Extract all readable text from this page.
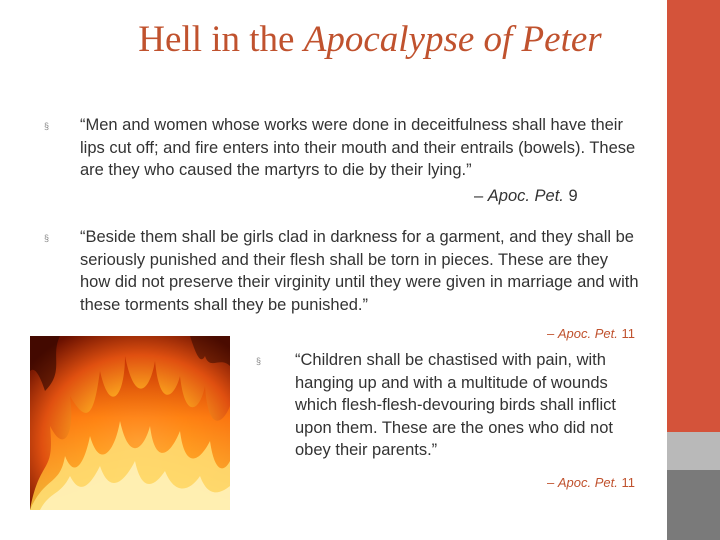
Hell in the Apocalypse of Peter
§ “Men and women whose works were done in deceitfulness shall have their lips cut off; and fire enters into their mouth and their entrails (bowels). These are they who caused the martyrs to die by their lying.”
– Apoc. Pet. 9
§ “Beside them shall be girls clad in darkness for a garment, and they shall be seriously punished and their flesh shall be torn in pieces. These are they how did not preserve their virginity until they were given in marriage and with these torments shall they be punished.”
– Apoc. Pet. 11
§ “Children shall be chastised with pain, with hanging up and with a multitude of wounds which flesh-flesh-devouring birds shall inflict upon them. These are the ones who did not obey their parents.”
– Apoc. Pet. 11
